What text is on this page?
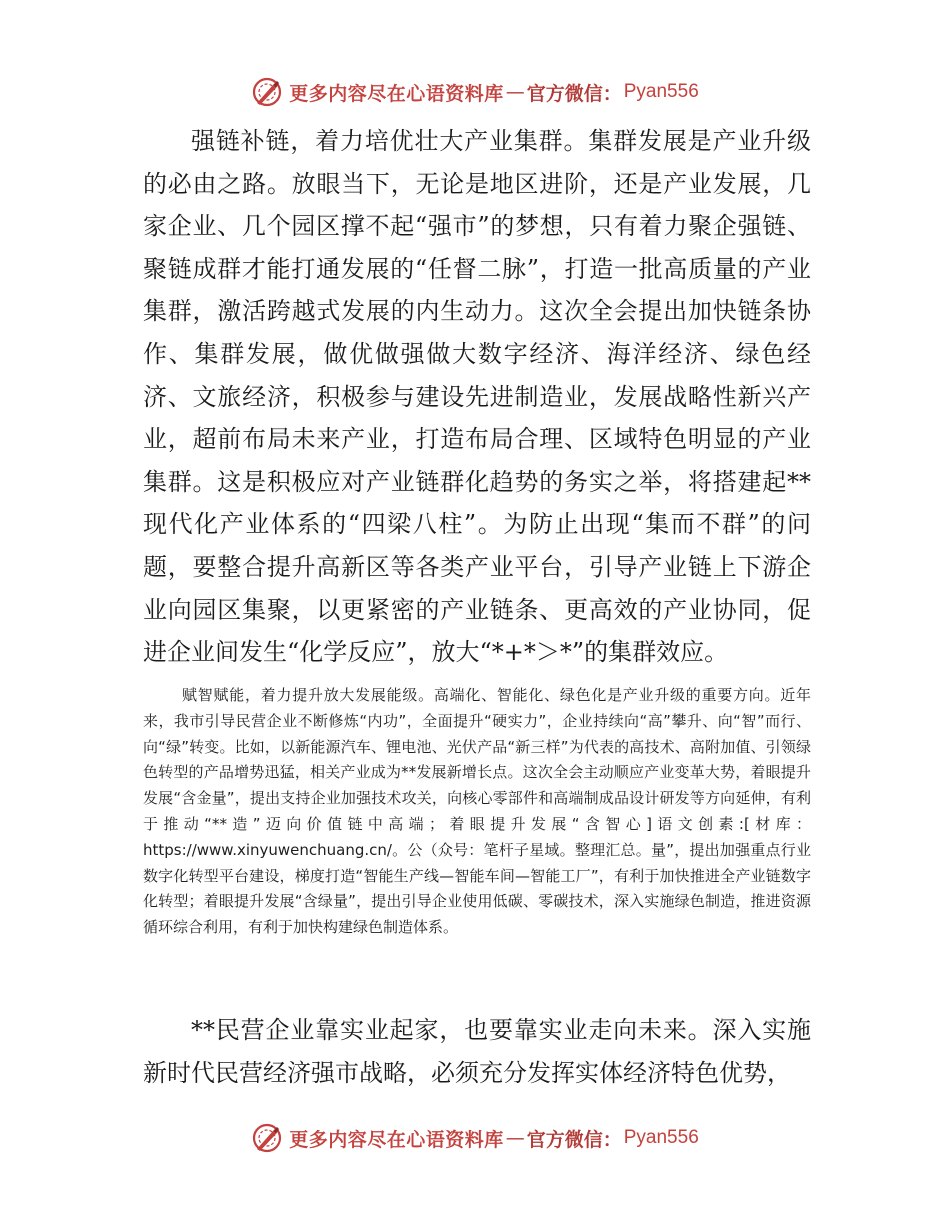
更多内容尽在心语资料库 — 官方微信： Pyan556

强链补链，着力培优壮大产业集群。集群发展是产业升级的必由之路。放眼当下，无论是地区进阶，还是产业发展，几家企业、几个园区撑不起“强市”的梦想，只有着力聚企强链、聚链成群才能打通发展的“任督二脉”，打造一批高质量的产业集群，激活跨越式发展的内生动力。这次全会提出加快链条协作、集群发展，做优做强做大数字经济、海洋经济、绿色经济、文旅经济，积极参与建设先进制造业，发展战略性新兴产业，超前布局未来产业，打造布局合理、区域特色明显的产业集群。这是积极应对产业链群化趋势的务实之举，将搭建起**现代化产业体系的“四梁八柱”。为防止出现“集而不群”的问题，要整合提升高新区等各类产业平台，引导产业链上下游企业向园区集聚，以更紧密的产业链条、更高效的产业协同，促进企业间发生“化学反应”，放大“*+*＞*”的集群效应。

赋智赋能，着力提升放大发展能级。高端化、智能化、绿色化是产业升级的重要方向。近年来，我市引导民营企业不断修炼“内功”，全面提升“硬实力”，企业持续向“高”攀升、向“智”而行、向“绿”转变。比如，以新能源汽车、锂电池、光伏产品“新三样”为代表的高技术、高附加值、引领绿色转型的产品增势迅猛，相关产业成为**发展新增长点。这次全会主动顺应产业变革大势，着眼提升发展“含金量”，提出支持企业加强技术攻关，向核心零部件和高端制成品设计研发等方向延伸，有利于推动“**造”迈向价值链中高端；着眼提升发展“含智心]语文创素:[材库：https://www.xinyuwenchuang.cn/。公（众号：笔杆子星域。整理汇总。量”，提出加强重点行业数字化转型平台建设，梯度打造“智能生产线—智能车间—智能工厂”，有利于加快推进全产业链数字化转型；着眼提升发展“含绿量”，提出引导企业使用低碳、零碳技术，深入实施绿色制造，推进资源循环综合利用，有利于加快构建绿色制造体系。

**民营企业靠实业起家，也要靠实业走向未来。深入实施新时代民营经济强市战略，必须充分发挥实体经济特色优势，

更多内容尽在心语资料库 — 官方微信： Pyan556
